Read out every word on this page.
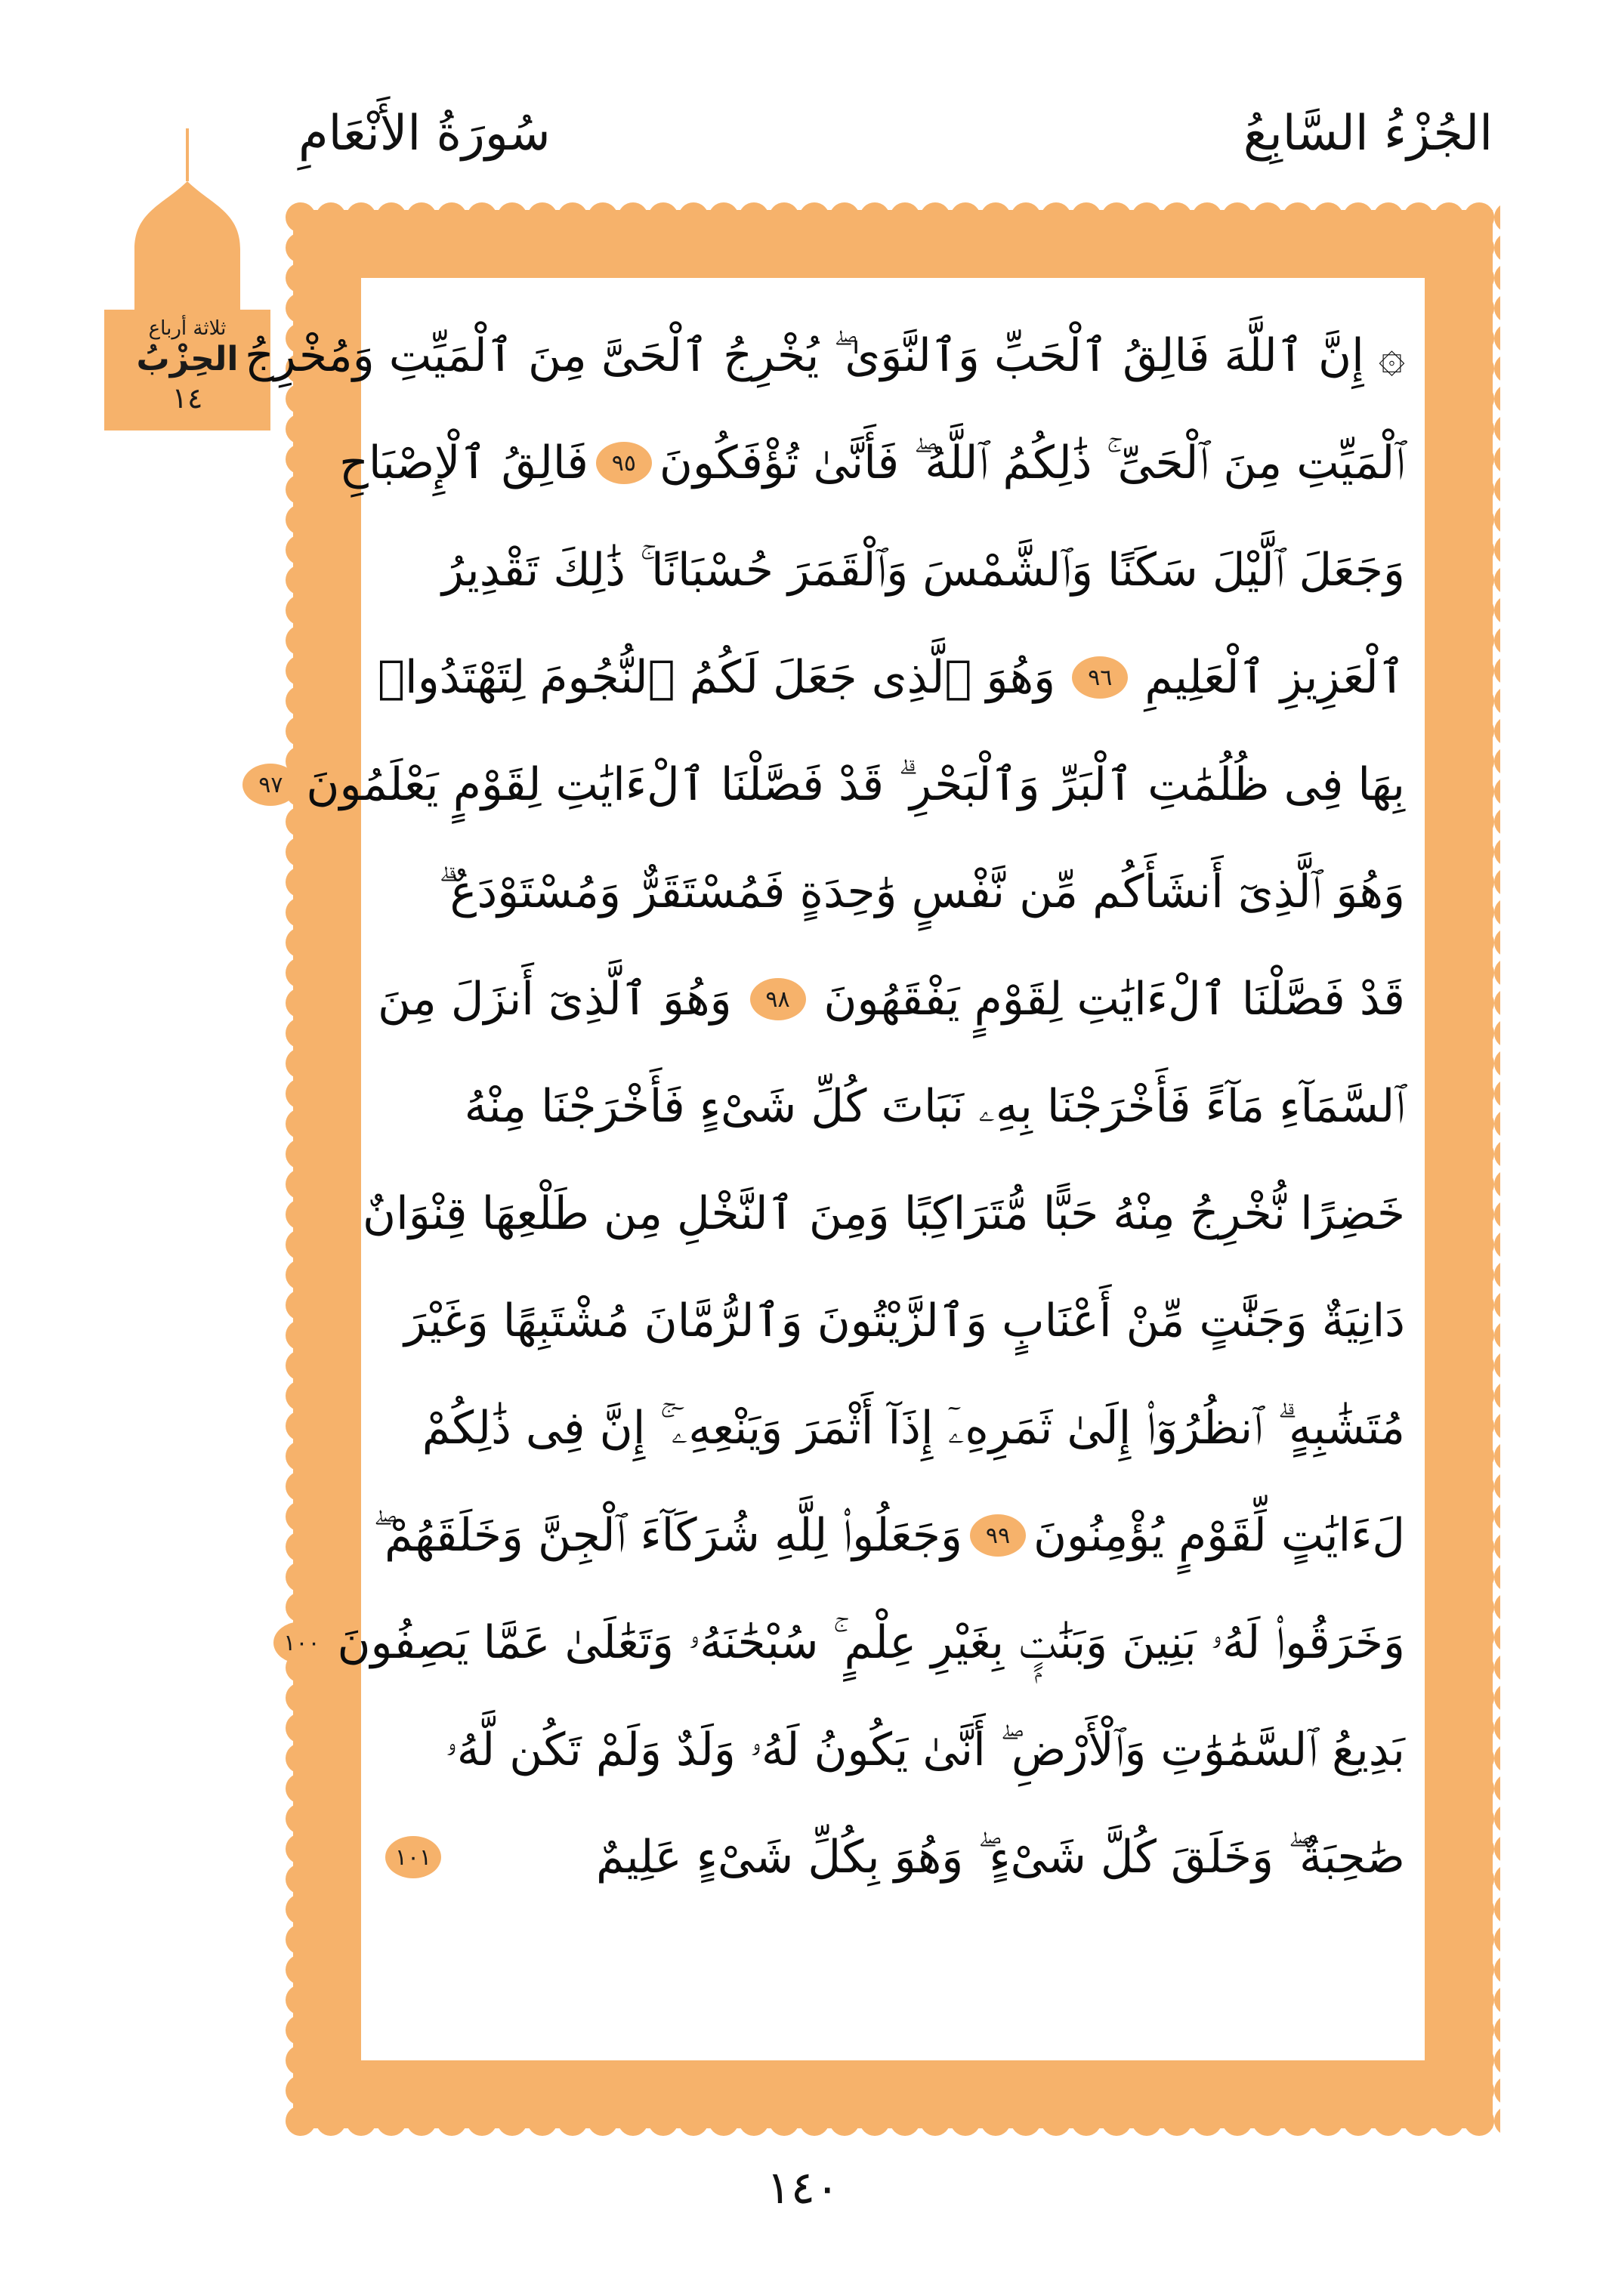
الجُزْءُ السَّابِعُ
سُورَةُ الأَنْعَامِ
ثلاثة أرباع
الحِزْبُ
١٤
۞ إِنَّ ٱللَّهَ فَالِقُ ٱلْحَبِّ وَٱلنَّوَىٰ ۖ يُخْرِجُ ٱلْحَىَّ مِنَ ٱلْمَيِّتِ وَمُخْرِجُ
ٱلْمَيِّتِ مِنَ ٱلْحَىِّ ۚ ذَٰلِكُمُ ٱللَّهُ ۖ فَأَنَّىٰ تُؤْفَكُونَ
٩٥
فَالِقُ ٱلْإِصْبَاحِ
وَجَعَلَ ٱلَّيْلَ سَكَنًا وَٱلشَّمْسَ وَٱلْقَمَرَ حُسْبَانًا ۚ ذَٰلِكَ تَقْدِيرُ
ٱلْعَزِيزِ ٱلْعَلِيمِ
٩٦
وَهُوَ ٱلَّذِى جَعَلَ لَكُمُ ٱلنُّجُومَ لِتَهْتَدُوا۟
بِهَا فِى ظُلُمَٰتِ ٱلْبَرِّ وَٱلْبَحْرِ ۗ قَدْ فَصَّلْنَا ٱلْءَايَٰتِ لِقَوْمٍ يَعْلَمُونَ
٩٧
وَهُوَ ٱلَّذِىٓ أَنشَأَكُم مِّن نَّفْسٍ وَٰحِدَةٍ فَمُسْتَقَرٌّ وَمُسْتَوْدَعٌ ۗ
قَدْ فَصَّلْنَا ٱلْءَايَٰتِ لِقَوْمٍ يَفْقَهُونَ
٩٨
وَهُوَ ٱلَّذِىٓ أَنزَلَ مِنَ
ٱلسَّمَآءِ مَآءً فَأَخْرَجْنَا بِهِۦ نَبَاتَ كُلِّ شَىْءٍ فَأَخْرَجْنَا مِنْهُ
خَضِرًا نُّخْرِجُ مِنْهُ حَبًّا مُّتَرَاكِبًا وَمِنَ ٱلنَّخْلِ مِن طَلْعِهَا قِنْوَانٌ
دَانِيَةٌ وَجَنَّٰتٍ مِّنْ أَعْنَابٍ وَٱلزَّيْتُونَ وَٱلرُّمَّانَ مُشْتَبِهًا وَغَيْرَ
مُتَشَٰبِهٍ ۗ ٱنظُرُوٓا۟ إِلَىٰ ثَمَرِهِۦٓ إِذَآ أَثْمَرَ وَيَنْعِهِۦٓ ۚ إِنَّ فِى ذَٰلِكُمْ
لَءَايَٰتٍ لِّقَوْمٍ يُؤْمِنُونَ
٩٩
وَجَعَلُوا۟ لِلَّهِ شُرَكَآءَ ٱلْجِنَّ وَخَلَقَهُمْ ۖ
وَخَرَقُوا۟ لَهُۥ بَنِينَ وَبَنَٰتٍۭ بِغَيْرِ عِلْمٍ ۚ سُبْحَٰنَهُۥ وَتَعَٰلَىٰ عَمَّا يَصِفُونَ
١٠٠
بَدِيعُ ٱلسَّمَٰوَٰتِ وَٱلْأَرْضِ ۖ أَنَّىٰ يَكُونُ لَهُۥ وَلَدٌ وَلَمْ تَكُن لَّهُۥ
صَٰحِبَةٌ ۖ وَخَلَقَ كُلَّ شَىْءٍ ۖ وَهُوَ بِكُلِّ شَىْءٍ عَلِيمٌ
١٠١
١٤٠
